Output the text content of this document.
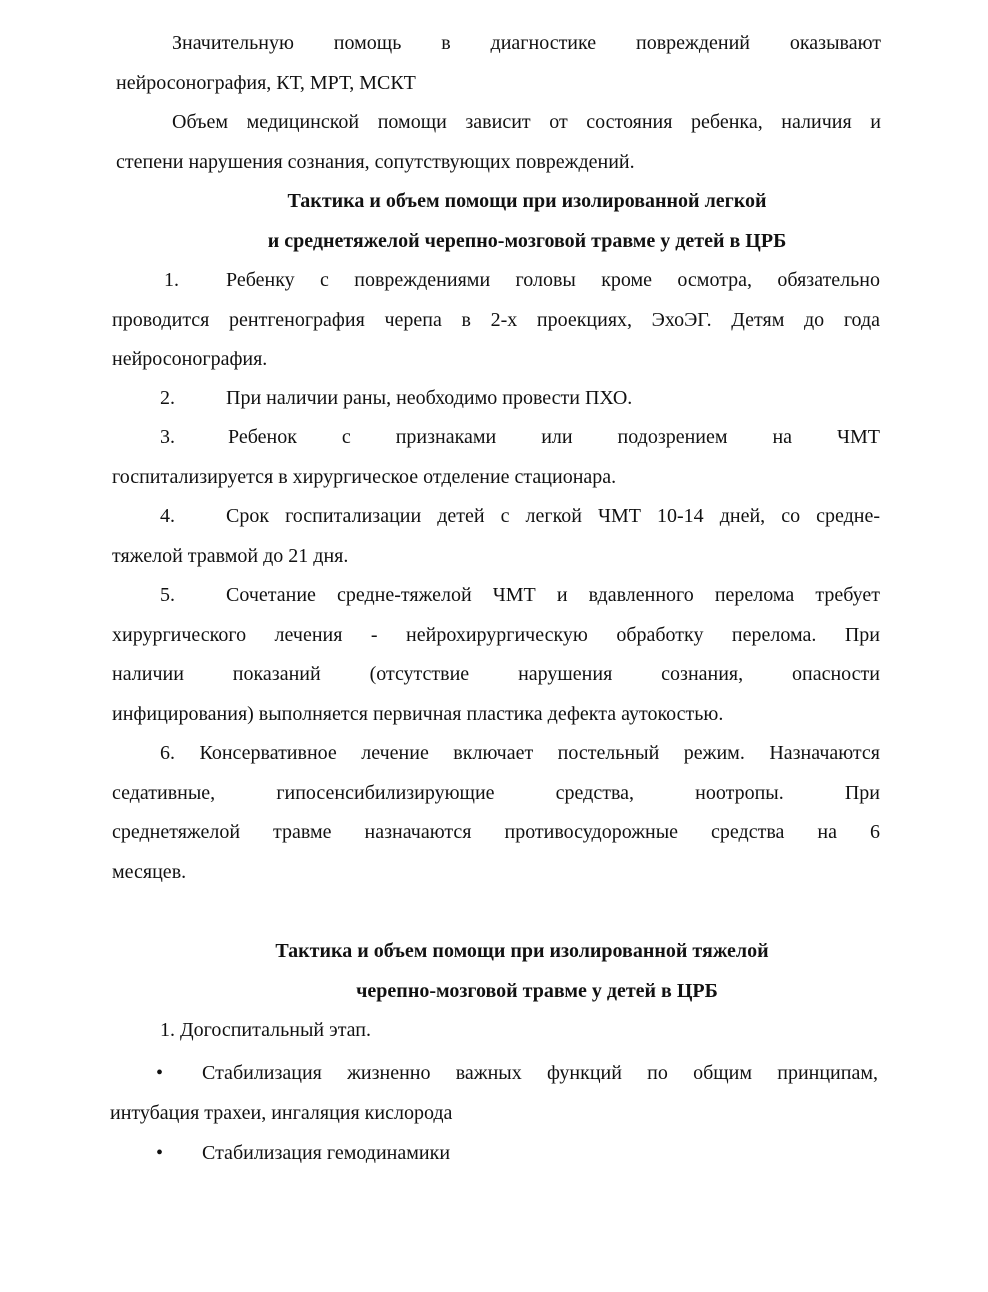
Значительную помощь в диагностике повреждений оказывают
нейросонография, КТ, МРТ, МСКТ
Объем медицинской помощи зависит от состояния ребенка, наличия и
степени нарушения сознания, сопутствующих повреждений.
Тактика и объем помощи при изолированной легкой
и среднетяжелой черепно-мозговой травме у детей в ЦРБ
1. Ребенку с повреждениями головы кроме осмотра, обязательно
проводится рентгенография черепа в 2-х проекциях, ЭхоЭГ. Детям до года
нейросонография.
2.	При наличии раны, необходимо провести ПХО.
3.	Ребенок с признаками или подозрением на ЧМТ
госпитализируется в хирургическое отделение стационара.
4.	Срок госпитализации детей с легкой ЧМТ 10-14 дней, со средне-
тяжелой травмой до 21 дня.
5.	Сочетание средне-тяжелой ЧМТ и вдавленного перелома требует
хирургического лечения - нейрохирургическую обработку перелома. При
наличии показаний (отсутствие нарушения сознания, опасности
инфицирования) выполняется первичная пластика дефекта аутокостью.
6. Консервативное лечение включает постельный режим. Назначаются
седативные, гипосенсибилизирующие средства, ноотропы. При
среднетяжелой травме назначаются противосудорожные средства на 6
месяцев.
Тактика и объем помощи при изолированной тяжелой
черепно-мозговой травме у детей в ЦРБ
1. Догоспитальный этап.
• Стабилизация жизненно важных функций по общим принципам,
интубация трахеи, ингаляция кислорода
• Стабилизация гемодинамики
